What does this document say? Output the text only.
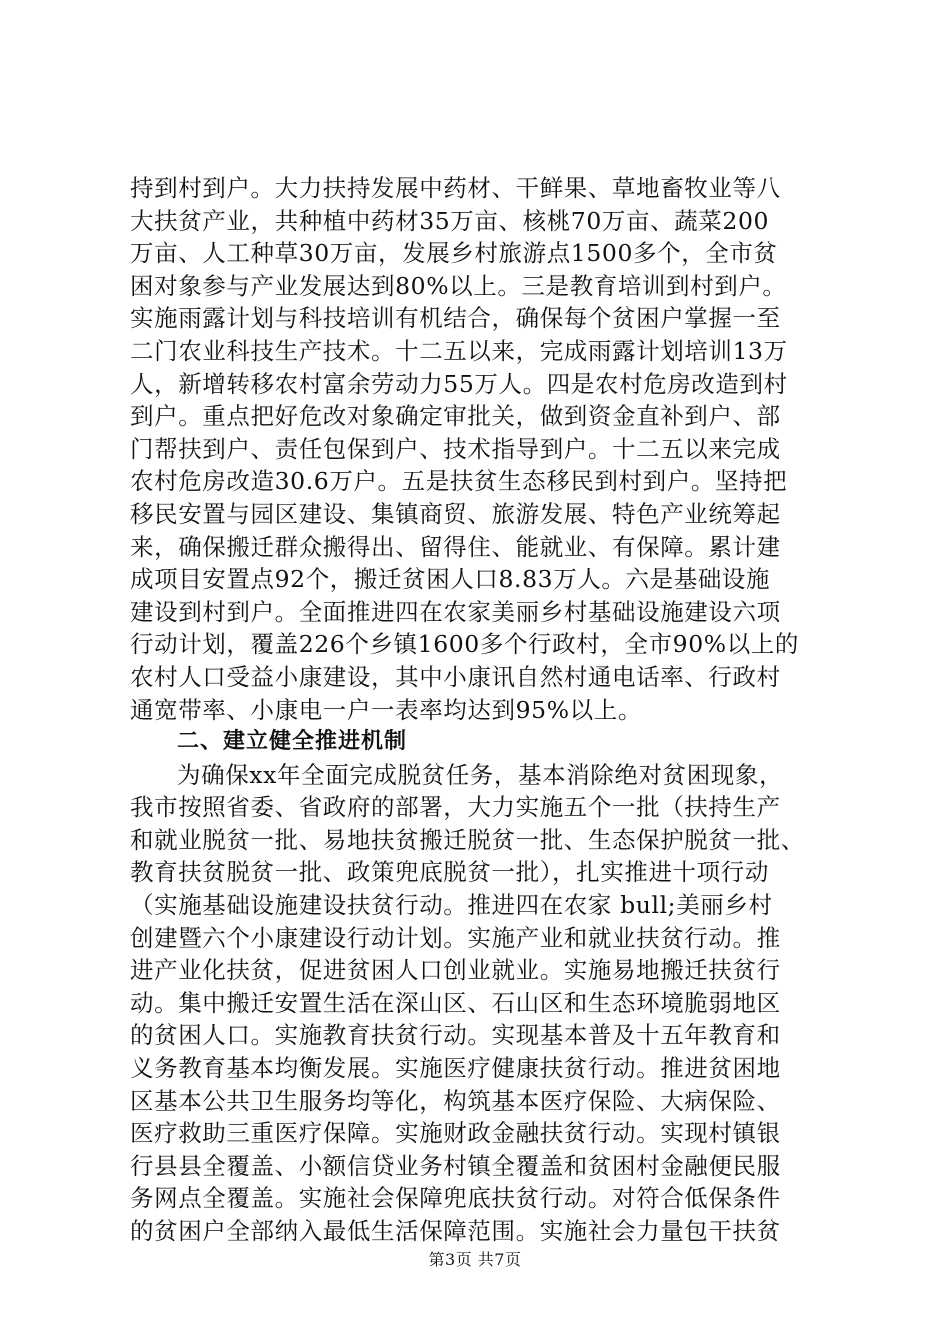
持到村到户。大力扶持发展中药材、干鲜果、草地畜牧业等八
大扶贫产业，共种植中药材35万亩、核桃70万亩、蔬菜200
万亩、人工种草30万亩，发展乡村旅游点1500多个，全市贫
困对象参与产业发展达到80%以上。三是教育培训到村到户。
实施雨露计划与科技培训有机结合，确保每个贫困户掌握一至
二门农业科技生产技术。十二五以来，完成雨露计划培训13万
人，新增转移农村富余劳动力55万人。四是农村危房改造到村
到户。重点把好危改对象确定审批关，做到资金直补到户、部
门帮扶到户、责任包保到户、技术指导到户。十二五以来完成
农村危房改造30.6万户。五是扶贫生态移民到村到户。坚持把
移民安置与园区建设、集镇商贸、旅游发展、特色产业统筹起
来，确保搬迁群众搬得出、留得住、能就业、有保障。累计建
成项目安置点92个，搬迁贫困人口8.83万人。六是基础设施
建设到村到户。全面推进四在农家美丽乡村基础设施建设六项
行动计划，覆盖226个乡镇1600多个行政村，全市90%以上的
农村人口受益小康建设，其中小康讯自然村通电话率、行政村
通宽带率、小康电一户一表率均达到95%以上。
二、建立健全推进机制
为确保xx年全面完成脱贫任务，基本消除绝对贫困现象，
我市按照省委、省政府的部署，大力实施五个一批（扶持生产
和就业脱贫一批、易地扶贫搬迁脱贫一批、生态保护脱贫一批、
教育扶贫脱贫一批、政策兜底脱贫一批），扎实推进十项行动
（实施基础设施建设扶贫行动。推进四在农家 bull;美丽乡村
创建暨六个小康建设行动计划。实施产业和就业扶贫行动。推
进产业化扶贫，促进贫困人口创业就业。实施易地搬迁扶贫行
动。集中搬迁安置生活在深山区、石山区和生态环境脆弱地区
的贫困人口。实施教育扶贫行动。实现基本普及十五年教育和
义务教育基本均衡发展。实施医疗健康扶贫行动。推进贫困地
区基本公共卫生服务均等化，构筑基本医疗保险、大病保险、
医疗救助三重医疗保障。实施财政金融扶贫行动。实现村镇银
行县县全覆盖、小额信贷业务村镇全覆盖和贫困村金融便民服
务网点全覆盖。实施社会保障兜底扶贫行动。对符合低保条件
的贫困户全部纳入最低生活保障范围。实施社会力量包干扶贫
第3页 共7页
